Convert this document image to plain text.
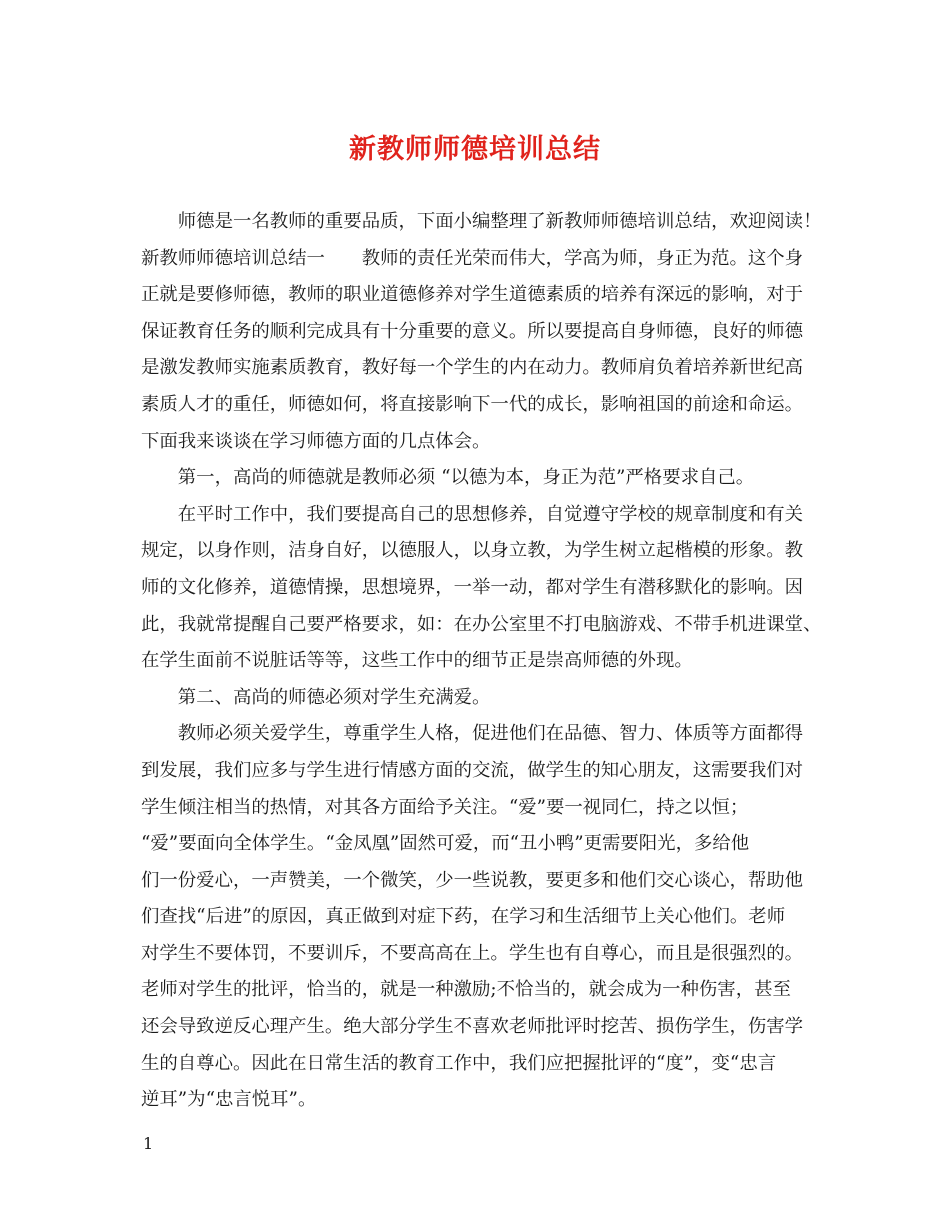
新教师师德培训总结
　　师德是一名教师的重要品质，下面小编整理了新教师师德培训总结，欢迎阅读！
新教师师德培训总结一　　教师的责任光荣而伟大，学高为师，身正为范。这个身
正就是要修师德，教师的职业道德修养对学生道德素质的培养有深远的影响，对于
保证教育任务的顺利完成具有十分重要的意义。所以要提高自身师德，良好的师德
是激发教师实施素质教育，教好每一个学生的内在动力。教师肩负着培养新世纪高
素质人才的重任，师德如何，将直接影响下一代的成长，影响祖国的前途和命运。
下面我来谈谈在学习师德方面的几点体会。
　　第一，高尚的师德就是教师必须 “以德为本，身正为范”严格要求自己。
　　在平时工作中，我们要提高自己的思想修养，自觉遵守学校的规章制度和有关
规定，以身作则，洁身自好，以德服人，以身立教，为学生树立起楷模的形象。教
师的文化修养，道德情操，思想境界，一举一动，都对学生有潜移默化的影响。因
此，我就常提醒自己要严格要求，如：在办公室里不打电脑游戏、不带手机进课堂、
在学生面前不说脏话等等，这些工作中的细节正是崇高师德的外现。
　　第二、高尚的师德必须对学生充满爱。
　　教师必须关爱学生，尊重学生人格，促进他们在品德、智力、体质等方面都得
到发展，我们应多与学生进行情感方面的交流，做学生的知心朋友，这需要我们对
学生倾注相当的热情，对其各方面给予关注。“爱”要一视同仁，持之以恒；
“爱”要面向全体学生。“金凤凰”固然可爱，而“丑小鸭”更需要阳光，多给他
们一份爱心，一声赞美，一个微笑，少一些说教，要更多和他们交心谈心，帮助他
们查找“后进”的原因，真正做到对症下药，在学习和生活细节上关心他们。老师
对学生不要体罚，不要训斥，不要高高在上。学生也有自尊心，而且是很强烈的。
老师对学生的批评，恰当的，就是一种激励;不恰当的，就会成为一种伤害，甚至
还会导致逆反心理产生。绝大部分学生不喜欢老师批评时挖苦、损伤学生，伤害学
生的自尊心。因此在日常生活的教育工作中，我们应把握批评的“度”，变“忠言
逆耳”为“忠言悦耳”。
1
